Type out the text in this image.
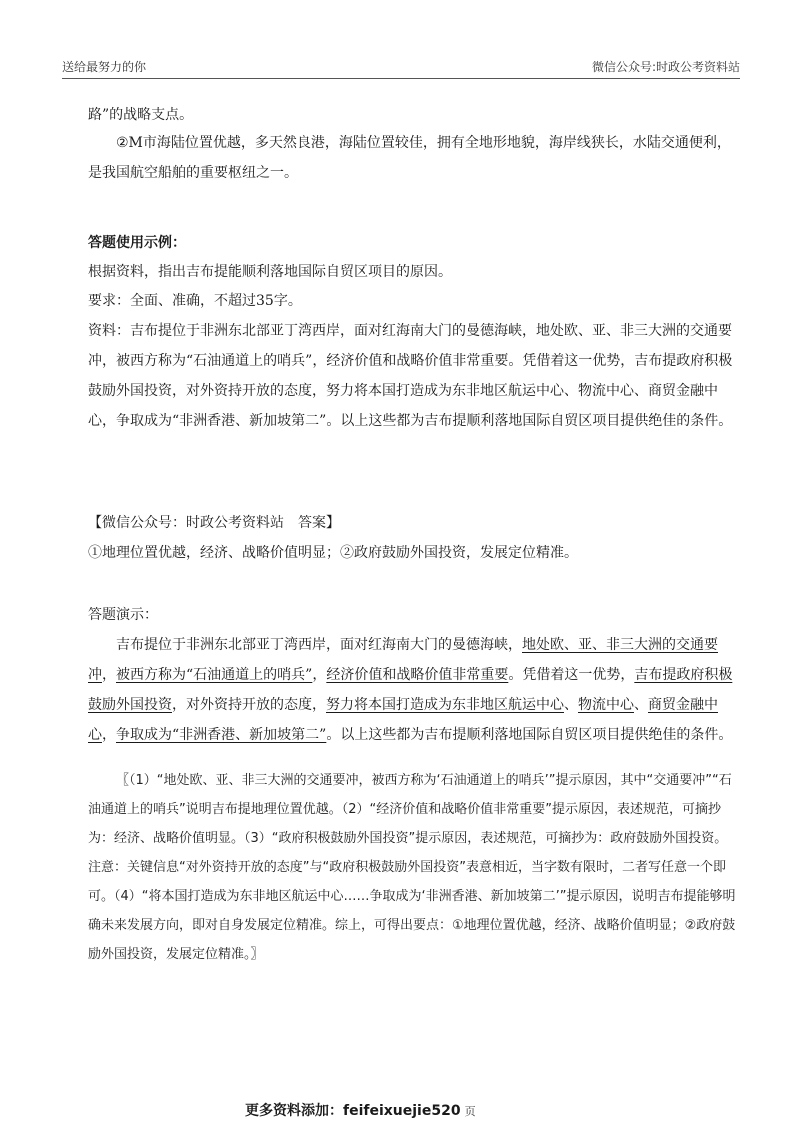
送给最努力的你	微信公众号:时政公考资料站

路”的战略支点。

②M市海陆位置优越，多天然良港，海陆位置较佳，拥有全地形地貌，海岸线狭长，水陆交通便利，是我国航空船舶的重要枢纽之一。

答题使用示例：

根据资料，指出吉布提能顺利落地国际自贸区项目的原因。

要求：全面、准确，不超过35字。

资料：吉布提位于非洲东北部亚丁湾西岸，面对红海南大门的曼德海峡，地处欧、亚、非三大洲的交通要冲，被西方称为“石油通道上的哨兵”，经济价值和战略价值非常重要。凭借着这一优势，吉布提政府积极鼓励外国投资，对外资持开放的态度，努力将本国打造成为东非地区航运中心、物流中心、商贸金融中心，争取成为“非洲香港、新加坡第二”。以上这些都为吉布提顺利落地国际自贸区项目提供绝佳的条件。

【微信公众号：时政公考资料站　答案】

①地理位置优越，经济、战略价值明显；②政府鼓励外国投资，发展定位精准。

答题演示：

吉布提位于非洲东北部亚丁湾西岸，面对红海南大门的曼德海峡，地处欧、亚、非三大洲的交通要冲，被西方称为“石油通道上的哨兵”，经济价值和战略价值非常重要。凭借着这一优势，吉布提政府积极鼓励外国投资，对外资持开放的态度，努力将本国打造成为东非地区航运中心、物流中心、商贸金融中心，争取成为“非洲香港、新加坡第二”。以上这些都为吉布提顺利落地国际自贸区项目提供绝佳的条件。

〖（1）“地处欧、亚、非三大洲的交通要冲，被西方称为‘石油通道上的哨兵’”提示原因，其中“交通要冲”“石油通道上的哨兵”说明吉布提地理位置优越。（2）“经济价值和战略价值非常重要”提示原因，表述规范，可摘抄为：经济、战略价值明显。（3）“政府积极鼓励外国投资”提示原因，表述规范，可摘抄为：政府鼓励外国投资。注意：关键信息“对外资持开放的态度”与“政府积极鼓励外国投资”表意相近，当字数有限时，二者写任意一个即可。（4）“将本国打造成为东非地区航运中心……争取成为‘非洲香港、新加坡第二’”提示原因，说明吉布提能够明确未来发展方向，即对自身发展定位精准。综上，可得出要点：①地理位置优越，经济、战略价值明显；②政府鼓励外国投资，发展定位精准。〗

更多资料添加：feifeixuejie520 页
